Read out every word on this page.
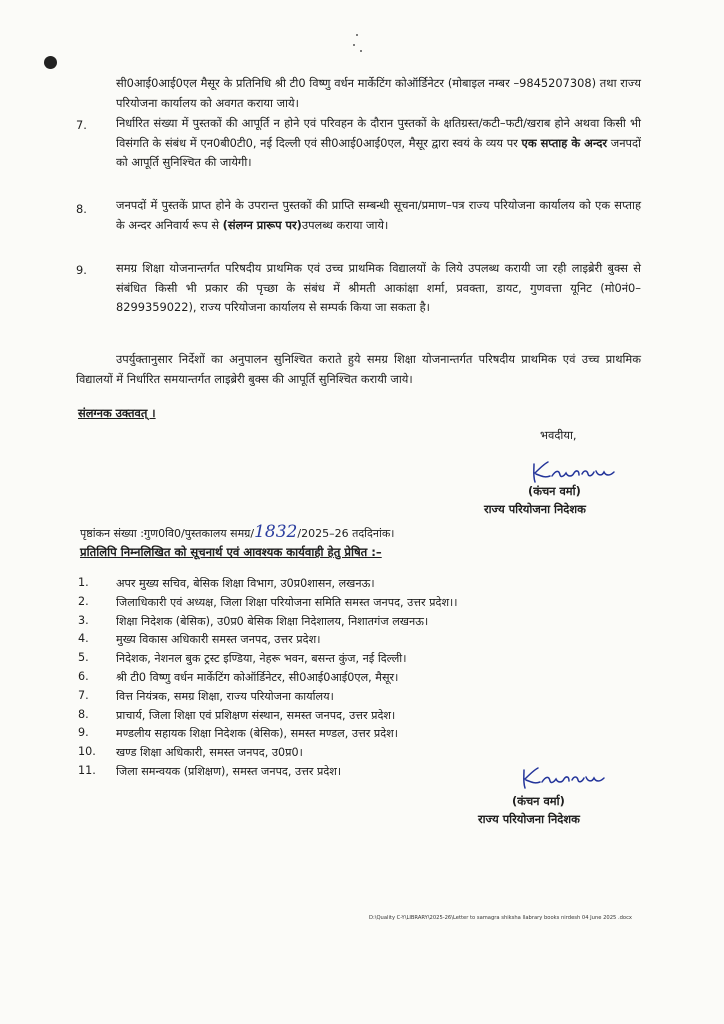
सी0आई0आई0एल मैसूर के प्रतिनिधि श्री टी0 विष्णु वर्धन मार्केटिंग कोऑर्डिनेटर (मोबाइल नम्बर –9845207308) तथा राज्य परियोजना कार्यालय को अवगत कराया जाये।
7.	निर्धारित संख्या में पुस्तकों की आपूर्ति न होने एवं परिवहन के दौरान पुस्तकों के क्षतिग्रस्त/कटी–फटी/खराब होने अथवा किसी भी विसंगति के संबंध में एन0बी0टी0, नई दिल्ली एवं सी0आई0आई0एल, मैसूर द्वारा स्वयं के व्यय पर एक सप्ताह के अन्दर जनपदों को आपूर्ति सुनिश्चित की जायेगी।
8.	जनपदों में पुस्तकें प्राप्त होने के उपरान्त पुस्तकों की प्राप्ति सम्बन्धी सूचना/प्रमाण–पत्र राज्य परियोजना कार्यालय को एक सप्ताह के अन्दर अनिवार्य रूप से (संलग्न प्रारूप पर)उपलब्ध कराया जाये।
9.	समग्र शिक्षा योजनान्तर्गत परिषदीय प्राथमिक एवं उच्च प्राथमिक विद्यालयों के लिये उपलब्ध करायी जा रही लाइब्रेरी बुक्स से संबंधित किसी भी प्रकार की पृच्छा के संबंध में श्रीमती आकांक्षा शर्मा, प्रवक्ता, डायट, गुणवत्ता यूनिट (मो0नं0–8299359022), राज्य परियोजना कार्यालय से सम्पर्क किया जा सकता है।
उपर्युक्तानुसार निर्देशों का अनुपालन सुनिश्चित कराते हुये समग्र शिक्षा योजनान्तर्गत परिषदीय प्राथमिक एवं उच्च प्राथमिक विद्यालयों में निर्धारित समयान्तर्गत लाइब्रेरी बुक्स की आपूर्ति सुनिश्चित करायी जाये।
संलग्नक उक्तवत् ।
भवदीया,
(कंचन वर्मा)
राज्य परियोजना निदेशक
पृष्ठांकन संख्या :गुण0वि0/पुस्तकालय समग्र/1832/2025–26 तददिनांक।
प्रतिलिपि निम्नलिखित को सूचनार्थ एवं आवश्यक कार्यवाही हेतु प्रेषित :–
1. अपर मुख्य सचिव, बेसिक शिक्षा विभाग, उ0प्र0शासन, लखनऊ।
2. जिलाधिकारी एवं अध्यक्ष, जिला शिक्षा परियोजना समिति समस्त जनपद, उत्तर प्रदेश।।
3. शिक्षा निदेशक (बेसिक), उ0प्र0 बेसिक शिक्षा निदेशालय, निशातगंज लखनऊ।
4. मुख्य विकास अधिकारी समस्त जनपद, उत्तर प्रदेश।
5. निदेशक, नेशनल बुक ट्रस्ट इण्डिया, नेहरू भवन, बसन्त कुंज, नई दिल्ली।
6. श्री टी0 विष्णु वर्धन मार्केटिंग कोऑर्डिनेटर, सी0आई0आई0एल, मैसूर।
7. वित्त नियंत्रक, समग्र शिक्षा, राज्य परियोजना कार्यालय।
8. प्राचार्य, जिला शिक्षा एवं प्रशिक्षण संस्थान, समस्त जनपद, उत्तर प्रदेश।
9. मण्डलीय सहायक शिक्षा निदेशक (बेसिक), समस्त मण्डल, उत्तर प्रदेश।
10. खण्ड शिक्षा अधिकारी, समस्त जनपद, उ0प्र0।
11. जिला समन्वयक (प्रशिक्षण), समस्त जनपद, उत्तर प्रदेश।
(कंचन वर्मा)
राज्य परियोजना निदेशक
D:\Quality C-Y\LIBRARY\2025-26\Letter to samagra shiksha llabrary books nirdesh 04 June 2025 .docx
